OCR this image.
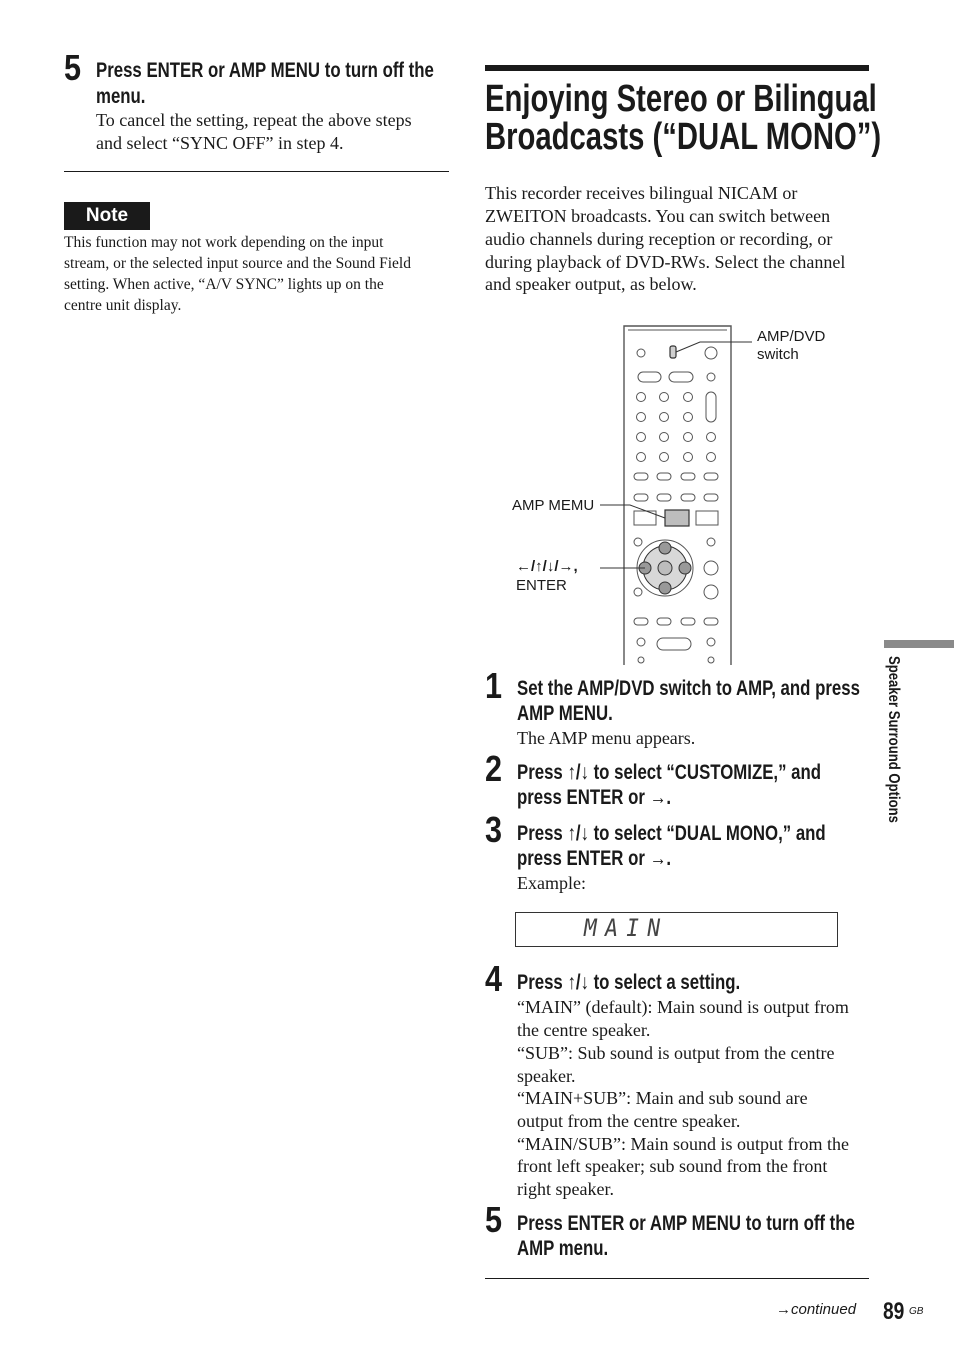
5 Press ENTER or AMP MENU to turn off the
menu.
To cancel the setting, repeat the above steps
and select “SYNC OFF” in step 4.
Note
This function may not work depending on the input
stream, or the selected input source and the Sound Field
setting. When active, “A/V SYNC” lights up on the
centre unit display.
Enjoying Stereo or Bilingual
Broadcasts (“DUAL MONO”)
This recorder receives bilingual NICAM or
ZWEITON broadcasts. You can switch between
audio channels during reception or recording, or
during playback of DVD-RWs. Select the channel
and speaker output, as below.
AMP/DVD
switch
AMP MEMU
←/↑/↓/→,
ENTER
1 Set the AMP/DVD switch to AMP, and press
AMP MENU.
The AMP menu appears.
2 Press ↑/↓ to select “CUSTOMIZE,” and
press ENTER or →.
3 Press ↑/↓ to select “DUAL MONO,” and
press ENTER or →.
Example:
MAIN
4 Press ↑/↓ to select a setting.
“MAIN” (default): Main sound is output from
the centre speaker.
“SUB”: Sub sound is output from the centre
speaker.
“MAIN+SUB”: Main and sub sound are
output from the centre speaker.
“MAIN/SUB”: Main sound is output from the
front left speaker; sub sound from the front
right speaker.
5 Press ENTER or AMP MENU to turn off the
AMP menu.
→continued 89 GB
Speaker Surround Options
